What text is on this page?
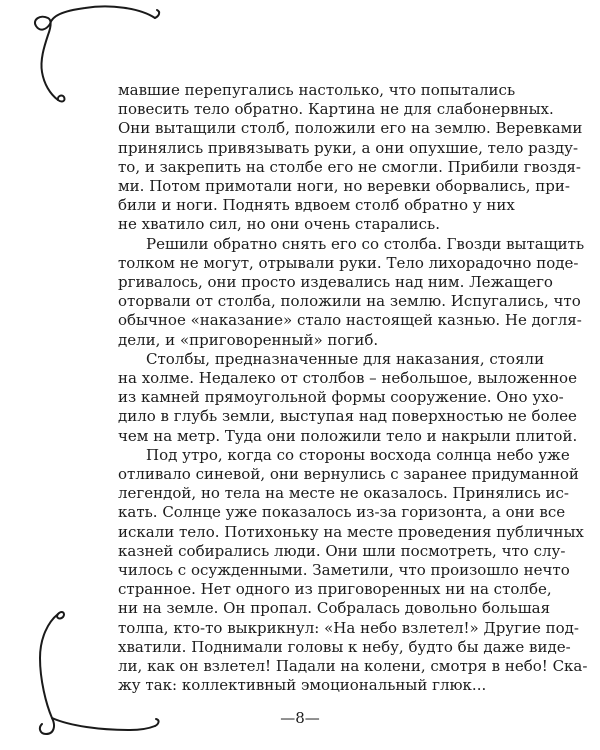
мавшие перепугались настолько, что попытались
повесить тело обратно. Картина не для слабонервных.
Они вытащили столб, положили его на землю. Веревками
принялись привязывать руки, а они опухшие, тело разду-
то, и закрепить на столбе его не смогли. Прибили гвоздя-
ми. Потом примотали ноги, но веревки оборвались, при-
били и ноги. Поднять вдвоем столб обратно у них
не хватило сил, но они очень старались.
Решили обратно снять его со столба. Гвозди вытащить
толком не могут, отрывали руки. Тело лихорадочно поде-
ргивалось, они просто издевались над ним. Лежащего
оторвали от столба, положили на землю. Испугались, что
обычное «наказание» стало настоящей казнью. Не догля-
дели, и «приговоренный» погиб.
Столбы, предназначенные для наказания, стояли
на холме. Недалеко от столбов – небольшое, выложенное
из камней прямоугольной формы сооружение. Оно ухо-
дило в глубь земли, выступая над поверхностью не более
чем на метр. Туда они положили тело и накрыли плитой.
Под утро, когда со стороны восхода солнца небо уже
отливало синевой, они вернулись с заранее придуманной
легендой, но тела на месте не оказалось. Принялись ис-
кать. Солнце уже показалось из-за горизонта, а они все
искали тело. Потихоньку на месте проведения публичных
казней собирались люди. Они шли посмотреть, что слу-
чилось с осужденными. Заметили, что произошло нечто
странное. Нет одного из приговоренных ни на столбе,
ни на земле. Он пропал. Собралась довольно большая
толпа, кто-то выкрикнул: «На небо взлетел!» Другие под-
хватили. Поднимали головы к небу, будто бы даже виде-
ли, как он взлетел! Падали на колени, смотря в небо! Ска-
жу так: коллективный эмоциональный глюк...
—8—
